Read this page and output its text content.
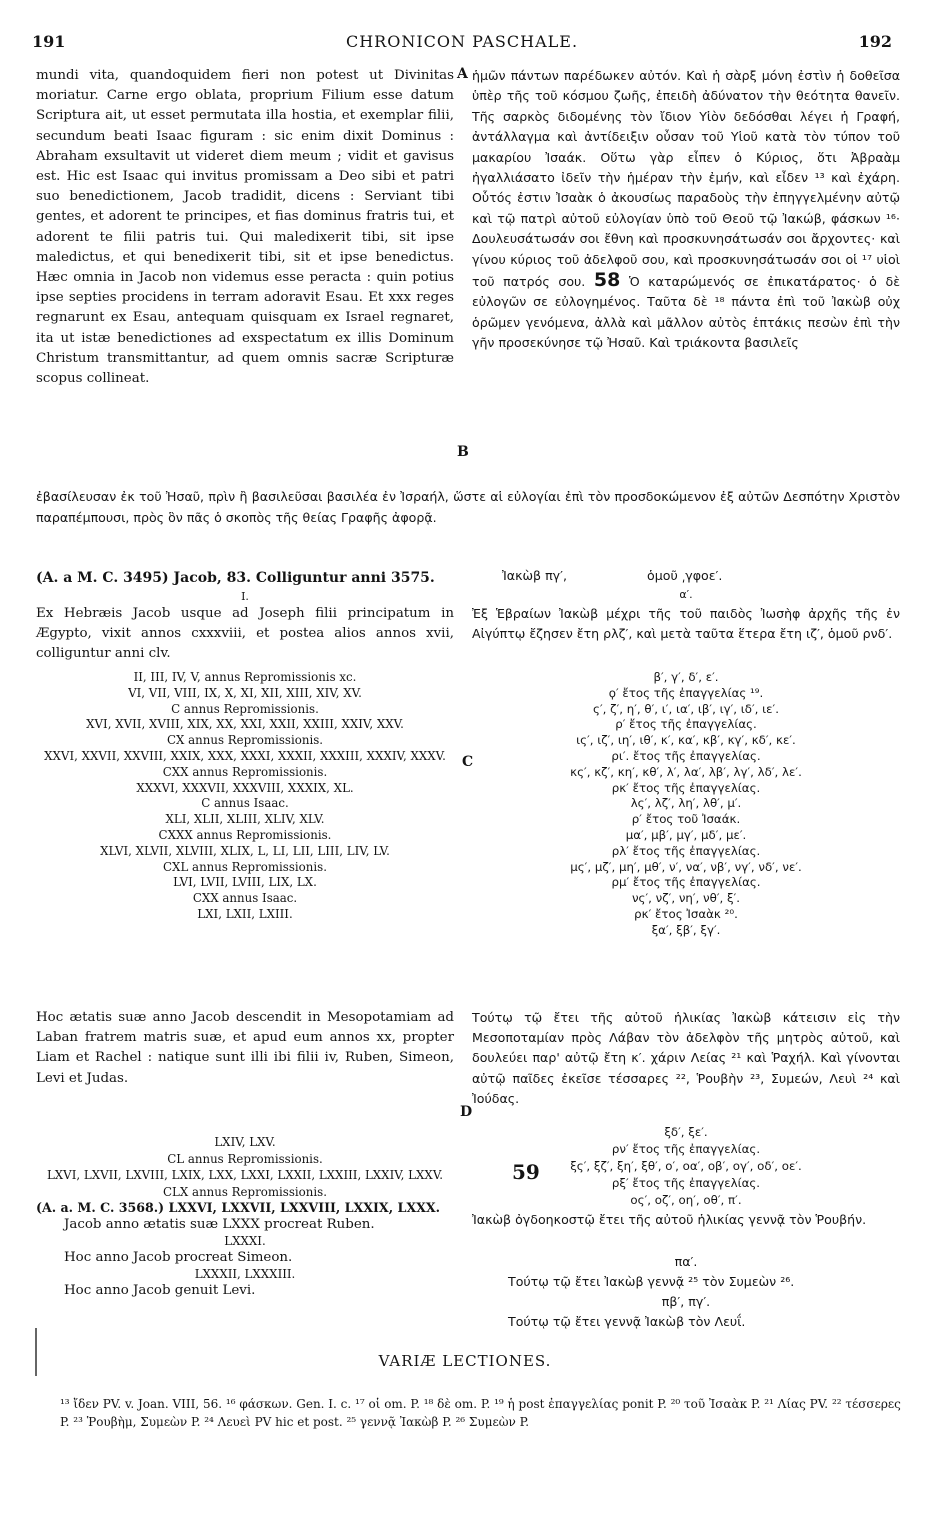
191	CHRONICON PASCHALE.	192
A
B
C
D
mundi vita, quandoquidem fieri non potest ut Divinitas moriatur. Carne ergo oblata, proprium Filium esse datum Scriptura ait, ut esset permutata illa hostia, et exemplar filii, secundum beati Isaac figuram : sic enim dixit Dominus : Abraham exsultavit ut videret diem meum ; vidit et gavisus est. Hic est Isaac qui invitus promissam a Deo sibi et patri suo benedictionem, Jacob tradidit, dicens : Serviant tibi gentes, et adorent te principes, et fias dominus fratris tui, et adorent te filii patris tui. Qui maledixerit tibi, sit ipse maledictus, et qui benedixerit tibi, sit et ipse benedictus. Hæc omnia in Jacob non videmus esse peracta : quin potius ipse septies procidens in terram adoravit Esau. Et xxx reges regnarunt ex Esau, antequam quisquam ex Israel regnaret, ita ut istæ benedictiones ad exspectatum ex illis Dominum Christum transmittantur, ad quem omnis sacræ Scripturæ scopus collineat.
ἡμῶν πάντων παρέδωκεν αὐτόν. Καὶ ἡ σὰρξ μόνη ἐστὶν ἡ δοθεῖσα ὑπὲρ τῆς τοῦ κόσμου ζωῆς, ἐπειδὴ ἀδύνατον τὴν θεότητα θανεῖν. Τῆς σαρκὸς διδομένης τὸν ἴδιον Υἱὸν δεδόσθαι λέγει ἡ Γραφή, ἀντάλλαγμα καὶ ἀντίδειξιν οὖσαν τοῦ Υἱοῦ κατὰ τὸν τύπον τοῦ μακαρίου Ἰσαάκ. Οὕτω γὰρ εἶπεν ὁ Κύριος, ὅτι Ἀβραὰμ ἠγαλλιάσατο ἰδεῖν τὴν ἡμέραν τὴν ἐμήν, καὶ εἶδεν ¹³ καὶ ἐχάρη. Οὗτός ἐστιν Ἰσαὰκ ὁ ἀκουσίως παραδοὺς τὴν ἐπηγγελμένην αὐτῷ καὶ τῷ πατρὶ αὐτοῦ εὐλογίαν ὑπὸ τοῦ Θεοῦ τῷ Ἰακώβ, φάσκων ¹⁶· Δουλευσάτωσάν σοι ἔθνη καὶ προσκυνησάτωσάν σοι ἄρχοντες· καὶ γίνου κύριος τοῦ ἀδελφοῦ σου, καὶ προσκυνησάτωσάν σοι οἱ ¹⁷ υἱοὶ τοῦ πατρός σου. 58 Ὁ καταρώμενός σε ἐπικατάρατος· ὁ δὲ εὐλογῶν σε εὐλογημένος. Ταῦτα δὲ ¹⁸ πάντα ἐπὶ τοῦ Ἰακὼβ οὐχ ὁρῶμεν γενόμενα, ἀλλὰ καὶ μᾶλλον αὐτὸς ἑπτάκις πεσὼν ἐπὶ τὴν γῆν προσεκύνησε τῷ Ἠσαῦ. Καὶ τριάκοντα βασιλεῖς
ἐβασίλευσαν ἐκ τοῦ Ἠσαῦ, πρὶν ἢ βασιλεῦσαι βασιλέα ἐν Ἰσραήλ, ὥστε αἱ εὐλογίαι ἐπὶ τὸν προσδοκώμενον ἐξ αὐτῶν Δεσπότην Χριστὸν παραπέμπουσι, πρὸς ὃν πᾶς ὁ σκοπὸς τῆς θείας Γραφῆς ἀφορᾷ.
(A. a M. C. 3495) Jacob, 83. Colliguntur anni 3575.
I.
Ex Hebræis Jacob usque ad Joseph filii principatum in Ægypto, vixit annos cxxxviii, et postea alios annos xvii, colliguntur anni clv.
II, III, IV, V, annus Repromissionis xc.
VI, VII, VIII, IX, X, XI, XII, XIII, XIV, XV.
C annus Repromissionis.
XVI, XVII, XVIII, XIX, XX, XXI, XXII, XXIII, XXIV, XXV.
CX annus Repromissionis.
XXVI, XXVII, XXVIII, XXIX, XXX, XXXI, XXXII, XXXIII, XXXIV, XXXV.
CXX annus Repromissionis.
XXXVI, XXXVII, XXXVIII, XXXIX, XL.
C annus Isaac.
XLI, XLII, XLIII, XLIV, XLV.
CXXX annus Repromissionis.
XLVI, XLVII, XLVIII, XLIX, L, LI, LII, LIII, LIV, LV.
CXL annus Repromissionis.
LVI, LVII, LVIII, LIX, LX.
CXX annus Isaac.
LXI, LXII, LXIII.
Hoc ætatis suæ anno Jacob descendit in Mesopotamiam ad Laban fratrem matris suæ, et apud eum annos xx, propter Liam et Rachel : natique sunt illi ibi filii iv, Ruben, Simeon, Levi et Judas.
LXIV, LXV.
CL annus Repromissionis.
LXVI, LXVII, LXVIII, LXIX, LXX, LXXI, LXXII, LXXIII, LXXIV, LXXV.
CLX annus Repromissionis.
(A. a. M. C. 3568.) LXXVI, LXXVII, LXXVIII, LXXIX, LXXX.
Jacob anno ætatis suæ LXXX procreat Ruben.
LXXXI.
Hoc anno Jacob procreat Simeon.
LXXXII, LXXXIII.
Hoc anno Jacob genuit Levi.
Ἰακὼβ πγ′,                    ὁμοῦ ͵γφοε′.
α′.
Ἐξ Ἑβραίων Ἰακὼβ μέχρι τῆς τοῦ παιδὸς Ἰωσὴφ ἀρχῆς τῆς ἐν Αἰγύπτῳ ἔζησεν ἔτη ρλζ′, καὶ μετὰ ταῦτα ἕτερα ἔτη ιζ′, ὁμοῦ ρνδ′.
β′, γ′, δ′, ε′.
ϙ′ ἔτος τῆς ἐπαγγελίας ¹⁹.
ς′, ζ′, η′, θ′, ι′, ια′, ιβ′, ιγ′, ιδ′, ιε′.
ρ′ ἔτος τῆς ἐπαγγελίας.
ις′, ιζ′, ιη′, ιθ′, κ′, κα′, κβ′, κγ′, κδ′, κε′.
ρι′. ἔτος τῆς ἐπαγγελίας.
κς′, κζ′, κη′, κθ′, λ′, λα′, λβ′, λγ′, λδ′, λε′.
ρκ′ ἔτος τῆς ἐπαγγελίας.
λς′, λζ′, λη′, λθ′, μ′.
ρ′ ἔτος τοῦ Ἰσαάκ.
μα′, μβ′, μγ′, μδ′, με′.
ρλ′ ἔτος τῆς ἐπαγγελίας.
μς′, μζ′, μη′, μθ′, ν′, να′, νβ′, νγ′, νδ′, νε′.
ρμ′ ἔτος τῆς ἐπαγγελίας.
νς′, νζ′, νη′, νθ′, ξ′.
ρκ′ ἔτος Ἰσαὰκ ²⁰.
ξα′, ξβ′, ξγ′.
Τούτῳ τῷ ἔτει τῆς αὐτοῦ ἡλικίας Ἰακὼβ κάτεισιν εἰς τὴν Μεσοποταμίαν πρὸς Λάβαν τὸν ἀδελφὸν τῆς μητρὸς αὐτοῦ, καὶ δουλεύει παρ' αὐτῷ ἔτη κ′. χάριν Λείας ²¹ καὶ Ῥαχήλ. Καὶ γίνονται αὐτῷ παῖδες ἐκεῖσε τέσσαρες ²², Ῥουβὴν ²³, Συμεών, Λευὶ ²⁴ καὶ Ἰούδας.
ξδ′, ξε′.
ρν′ ἔτος τῆς ἐπαγγελίας.
ξς′, ξζ′, ξη′, ξθ′, ο′, οα′, οβ′, ογ′, οδ′, οε′.
ρξ′ ἔτος τῆς ἐπαγγελίας.
ος′, οζ′, οη′, οθ′, π′.
59
Ἰακὼβ ὀγδοηκοστῷ ἔτει τῆς αὐτοῦ ἡλικίας γεννᾷ τὸν Ῥουβήν.
πα′.
Τούτῳ τῷ ἔτει Ἰακὼβ γεννᾷ ²⁵ τὸν Συμεὼν ²⁶.
πβ′, πγ′.
Τούτῳ τῷ ἔτει γεννᾷ Ἰακὼβ τὸν Λευΐ.
VARIÆ LECTIONES.
¹³ ἴδεν PV. v. Joan. VIII, 56. ¹⁶ φάσκων. Gen. I. c. ¹⁷ οἱ om. P. ¹⁸ δὲ om. P. ¹⁹ ἡ post ἐπαγγελίας ponit P. ²⁰ τοῦ Ἰσαὰκ P. ²¹ Λίας PV. ²² τέσσερες P. ²³ Ῥουβὴμ, Συμεὼν P. ²⁴ Λευεὶ PV hic et post. ²⁵ γεννᾷ Ἰακὼβ P. ²⁶ Συμεὼν P.
